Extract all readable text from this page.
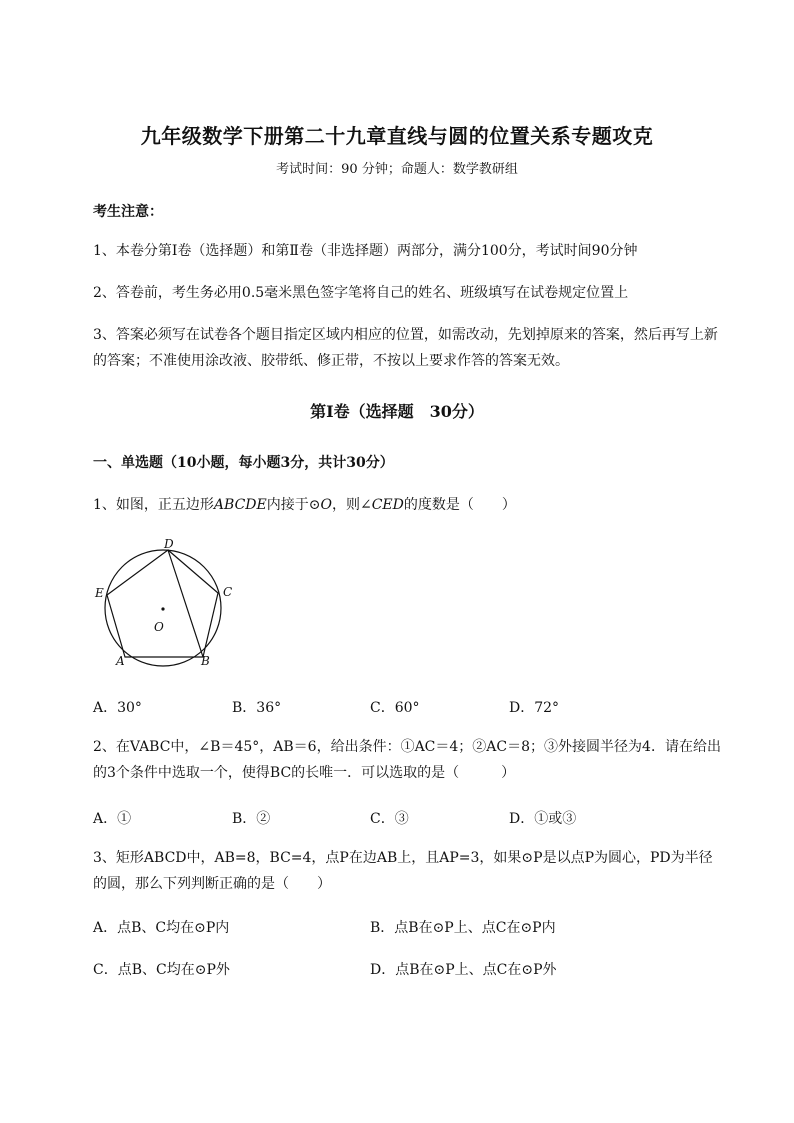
九年级数学下册第二十九章直线与圆的位置关系专题攻克
考试时间：90 分钟；命题人：数学教研组
考生注意：
1、本卷分第Ⅰ卷（选择题）和第Ⅱ卷（非选择题）两部分，满分100分，考试时间90分钟
2、答卷前，考生务必用0.5毫米黑色签字笔将自己的姓名、班级填写在试卷规定位置上
3、答案必须写在试卷各个题目指定区域内相应的位置，如需改动，先划掉原来的答案，然后再写上新
的答案；不准使用涂改液、胶带纸、修正带，不按以上要求作答的答案无效。
第Ⅰ卷（选择题　30分）
一、单选题（10小题，每小题3分，共计30分）
1、如图，正五边形ABCDE内接于⊙O，则∠CED的度数是（　　）
D
C
E
O
A	B
A．30°	B．36°	C．60°	D．72°
2、在VABC中，∠B＝45°，AB＝6，给出条件：①AC＝4；②AC＝8；③外接圆半径为4．请在给出
的3个条件中选取一个，使得BC的长唯一．可以选取的是（　　　）
A．①	B．②	C．③	D．①或③
3、矩形ABCD中，AB=8，BC=4，点P在边AB上，且AP=3，如果⊙P是以点P为圆心，PD为半径
的圆，那么下列判断正确的是（　　）
A．点B、C均在⊙P内	B．点B在⊙P上、点C在⊙P内
C．点B、C均在⊙P外	D．点B在⊙P上、点C在⊙P外
